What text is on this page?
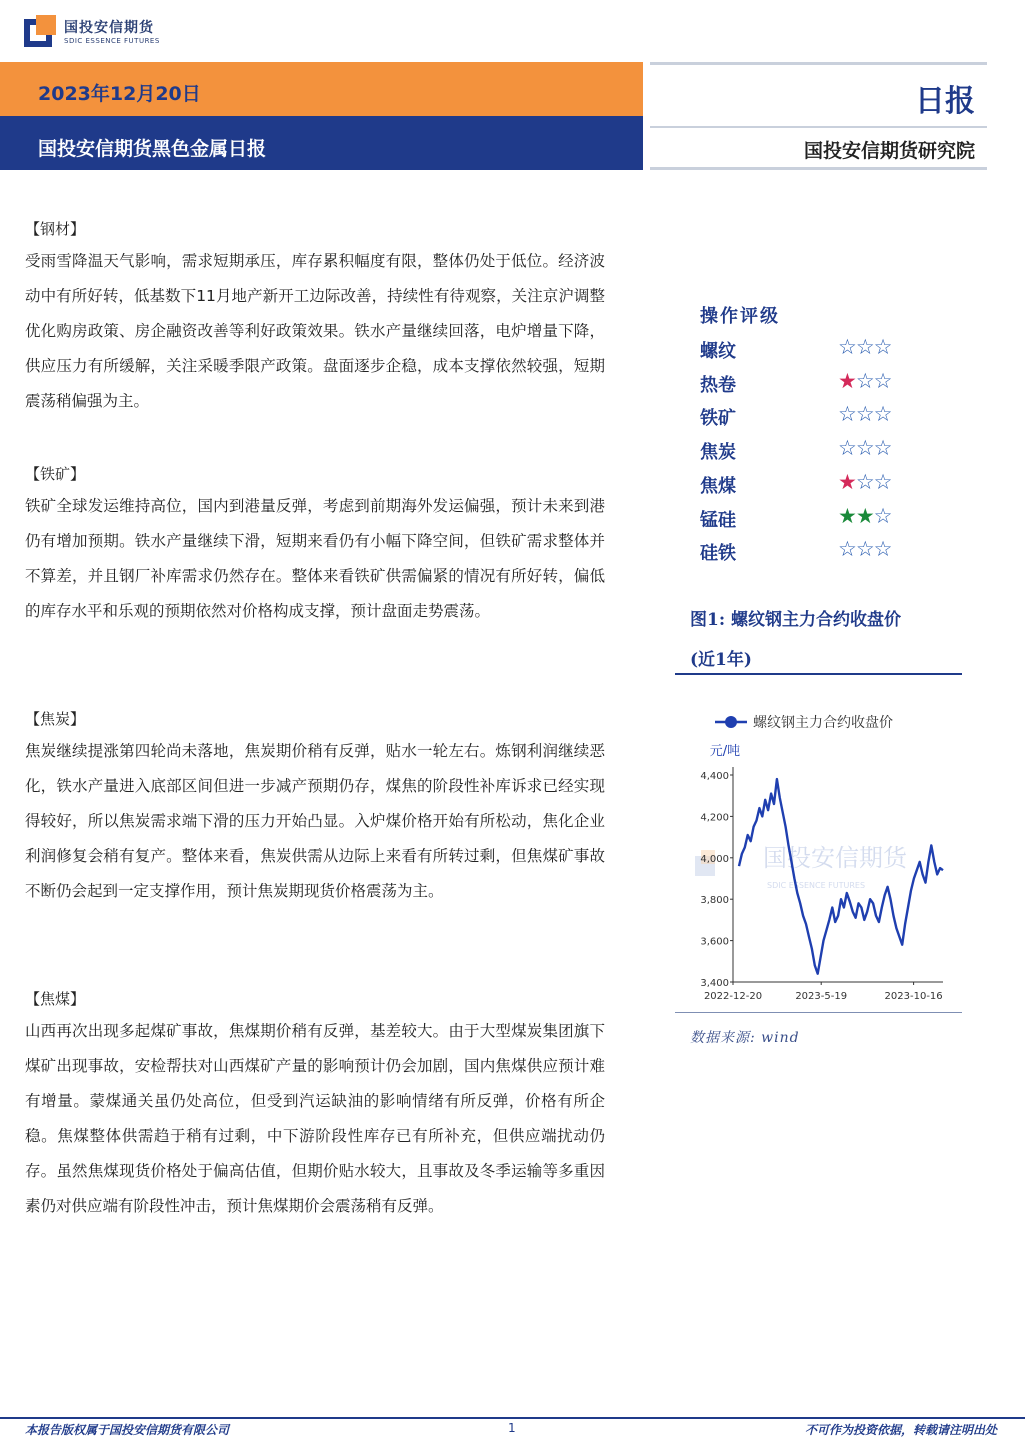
国投安信期货
SDIC ESSENCE FUTURES
2023年12月20日
国投安信期货黑色金属日报
日报
国投安信期货研究院
【钢材】
受雨雪降温天气影响，需求短期承压，库存累积幅度有限，整体仍处于低位。经济波动中有所好转，低基数下11月地产新开工边际改善，持续性有待观察，关注京沪调整优化购房政策、房企融资改善等利好政策效果。铁水产量继续回落，电炉增量下降，供应压力有所缓解，关注采暖季限产政策。盘面逐步企稳，成本支撑依然较强，短期震荡稍偏强为主。
【铁矿】
铁矿全球发运维持高位，国内到港量反弹，考虑到前期海外发运偏强，预计未来到港仍有增加预期。铁水产量继续下滑，短期来看仍有小幅下降空间，但铁矿需求整体并不算差，并且钢厂补库需求仍然存在。整体来看铁矿供需偏紧的情况有所好转，偏低的库存水平和乐观的预期依然对价格构成支撑，预计盘面走势震荡。
【焦炭】
焦炭继续提涨第四轮尚未落地，焦炭期价稍有反弹，贴水一轮左右。炼钢利润继续恶化，铁水产量进入底部区间但进一步减产预期仍存，煤焦的阶段性补库诉求已经实现得较好，所以焦炭需求端下滑的压力开始凸显。入炉煤价格开始有所松动，焦化企业利润修复会稍有复产。整体来看，焦炭供需从边际上来看有所转过剩，但焦煤矿事故不断仍会起到一定支撑作用，预计焦炭期现货价格震荡为主。
【焦煤】
山西再次出现多起煤矿事故，焦煤期价稍有反弹，基差较大。由于大型煤炭集团旗下煤矿出现事故，安检帮扶对山西煤矿产量的影响预计仍会加剧，国内焦煤供应预计难有增量。蒙煤通关虽仍处高位，但受到汽运缺油的影响情绪有所反弹，价格有所企稳。焦煤整体供需趋于稍有过剩，中下游阶段性库存已有所补充，但供应端扰动仍存。虽然焦煤现货价格处于偏高估值，但期价贴水较大，且事故及冬季运输等多重因素仍对供应端有阶段性冲击，预计焦煤期价会震荡稍有反弹。
操作评级
螺纹	☆☆☆
热卷	★☆☆
铁矿	☆☆☆
焦炭	☆☆☆
焦煤	★☆☆
锰硅	★★☆
硅铁	☆☆☆
图1: 螺纹钢主力合约收盘价
(近1年)
国投安信期货
SDIC ESSENCE FUTURES
3,400
3,600
3,800
4,000
4,200
4,400
2022-12-20	2023-5-19	2023-10-16
元/吨
螺纹钢主力合约收盘价
数据来源: wind
本报告版权属于国投安信期货有限公司	1	不可作为投资依据，转载请注明出处
